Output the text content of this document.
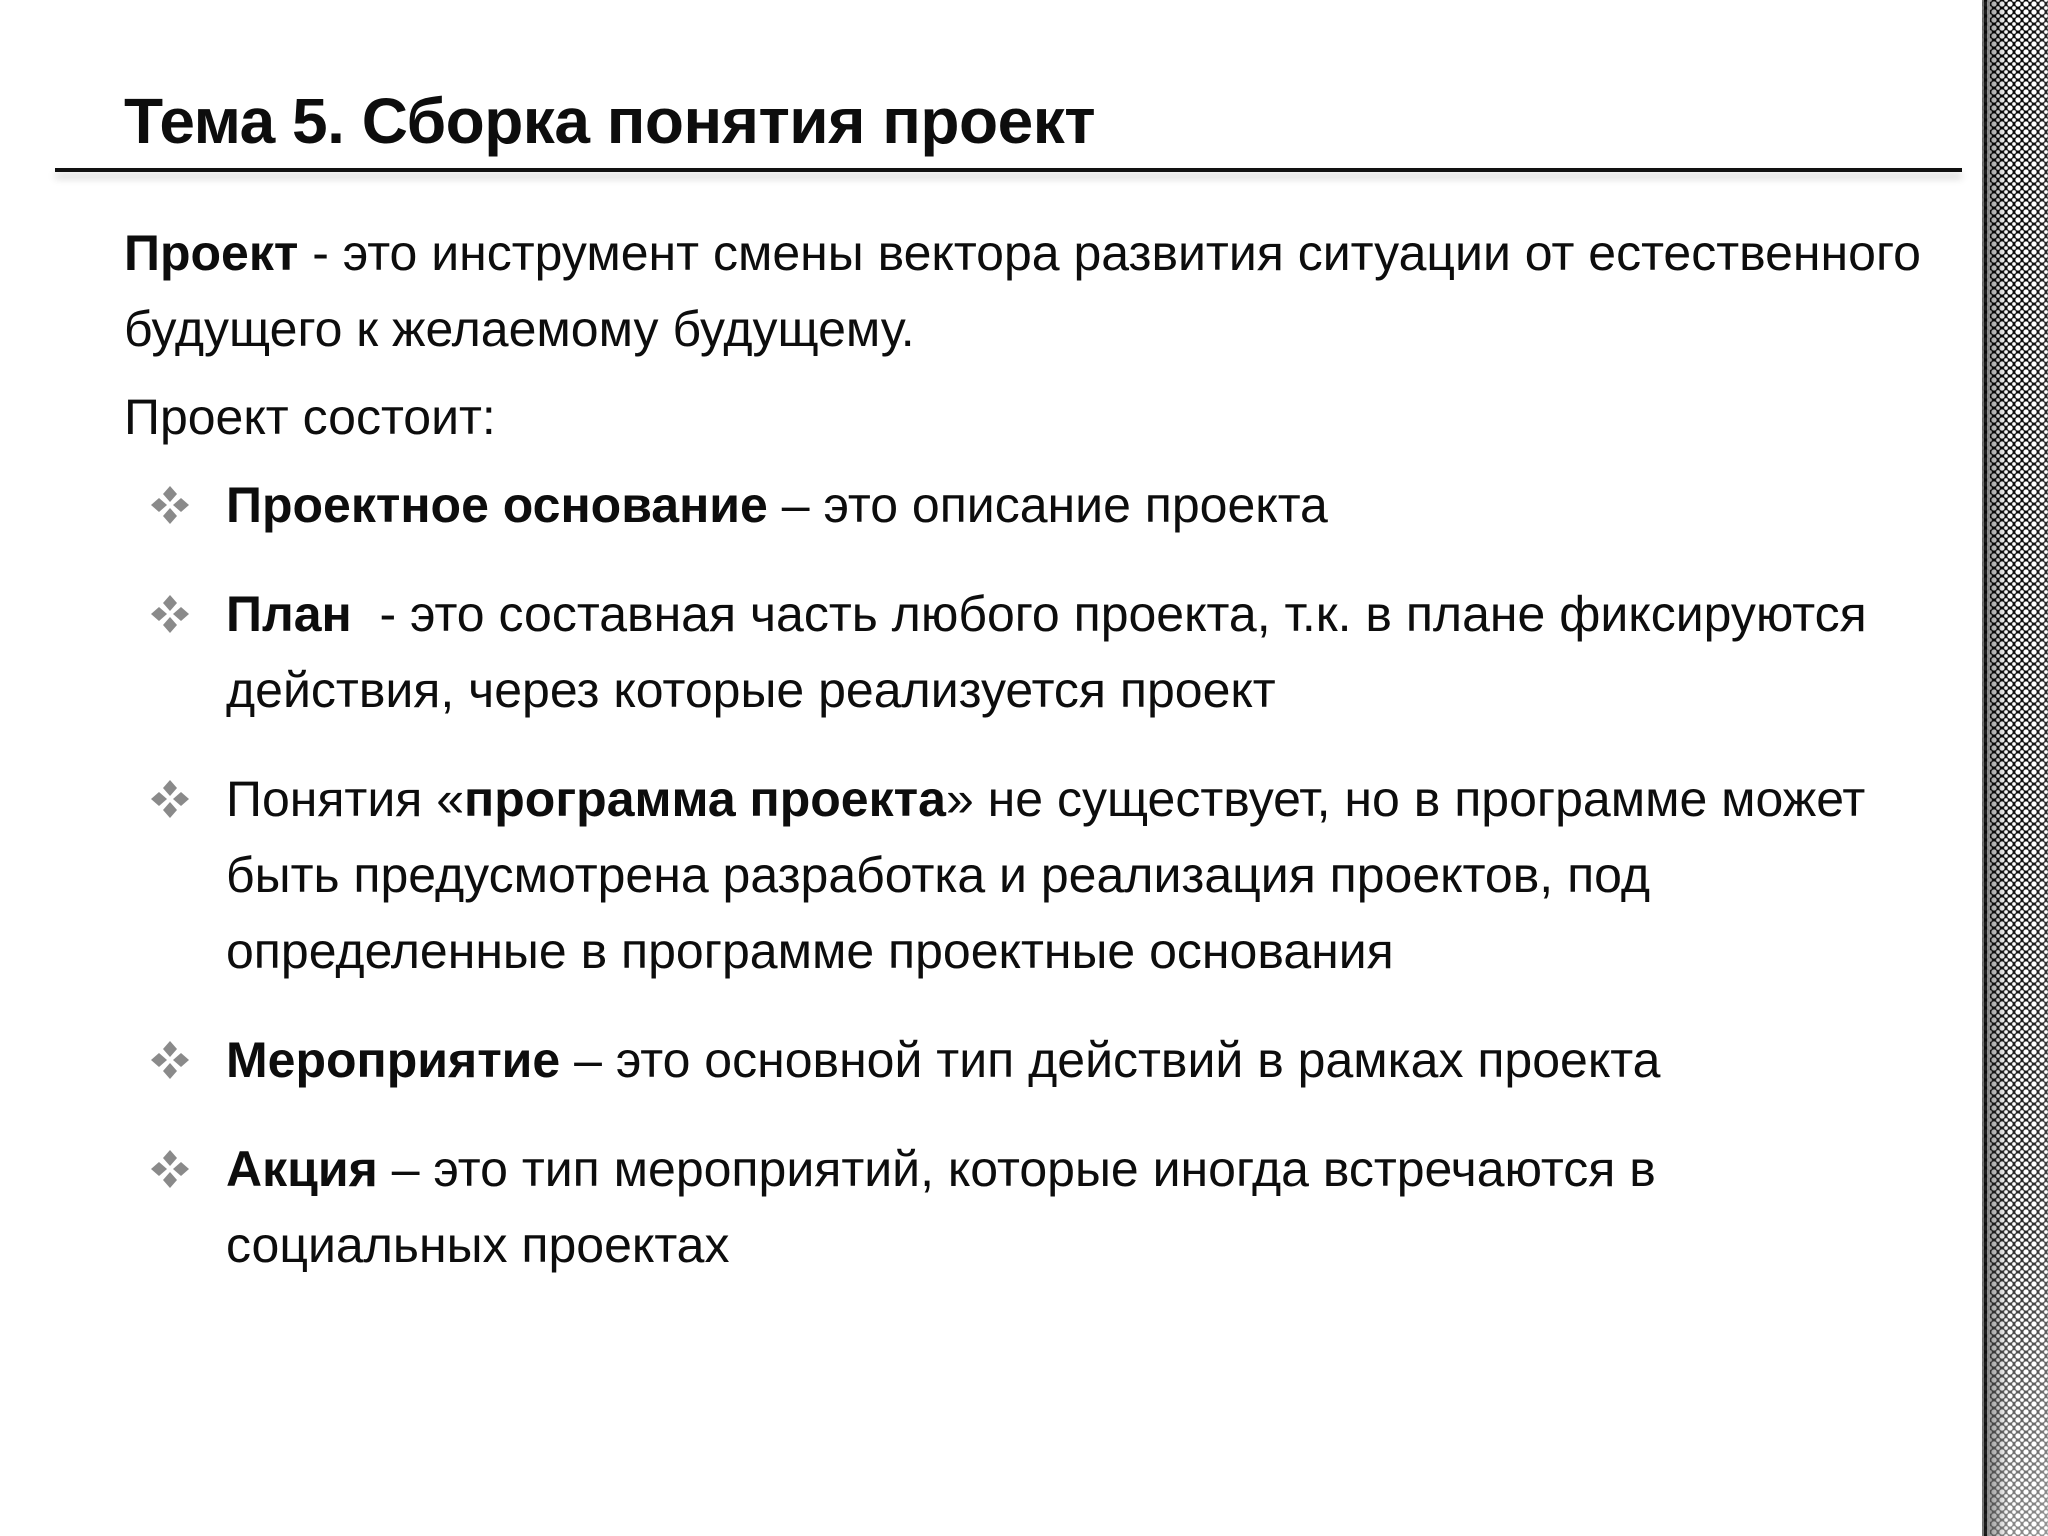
Тема 5. Сборка понятия проект

Проект - это инструмент смены вектора развития ситуации от естественного будущего к желаемому будущему.

Проект состоит:

Проектное основание – это описание проекта
План  - это составная часть любого проекта, т.к. в плане фиксируются действия, через которые реализуется проект
Понятия «программа проекта» не существует, но в программе может быть предусмотрена разработка и реализация проектов, под определенные в программе проектные основания
Мероприятие – это основной тип действий в рамках проекта
Акция – это тип мероприятий, которые иногда встречаются в социальных проектах
